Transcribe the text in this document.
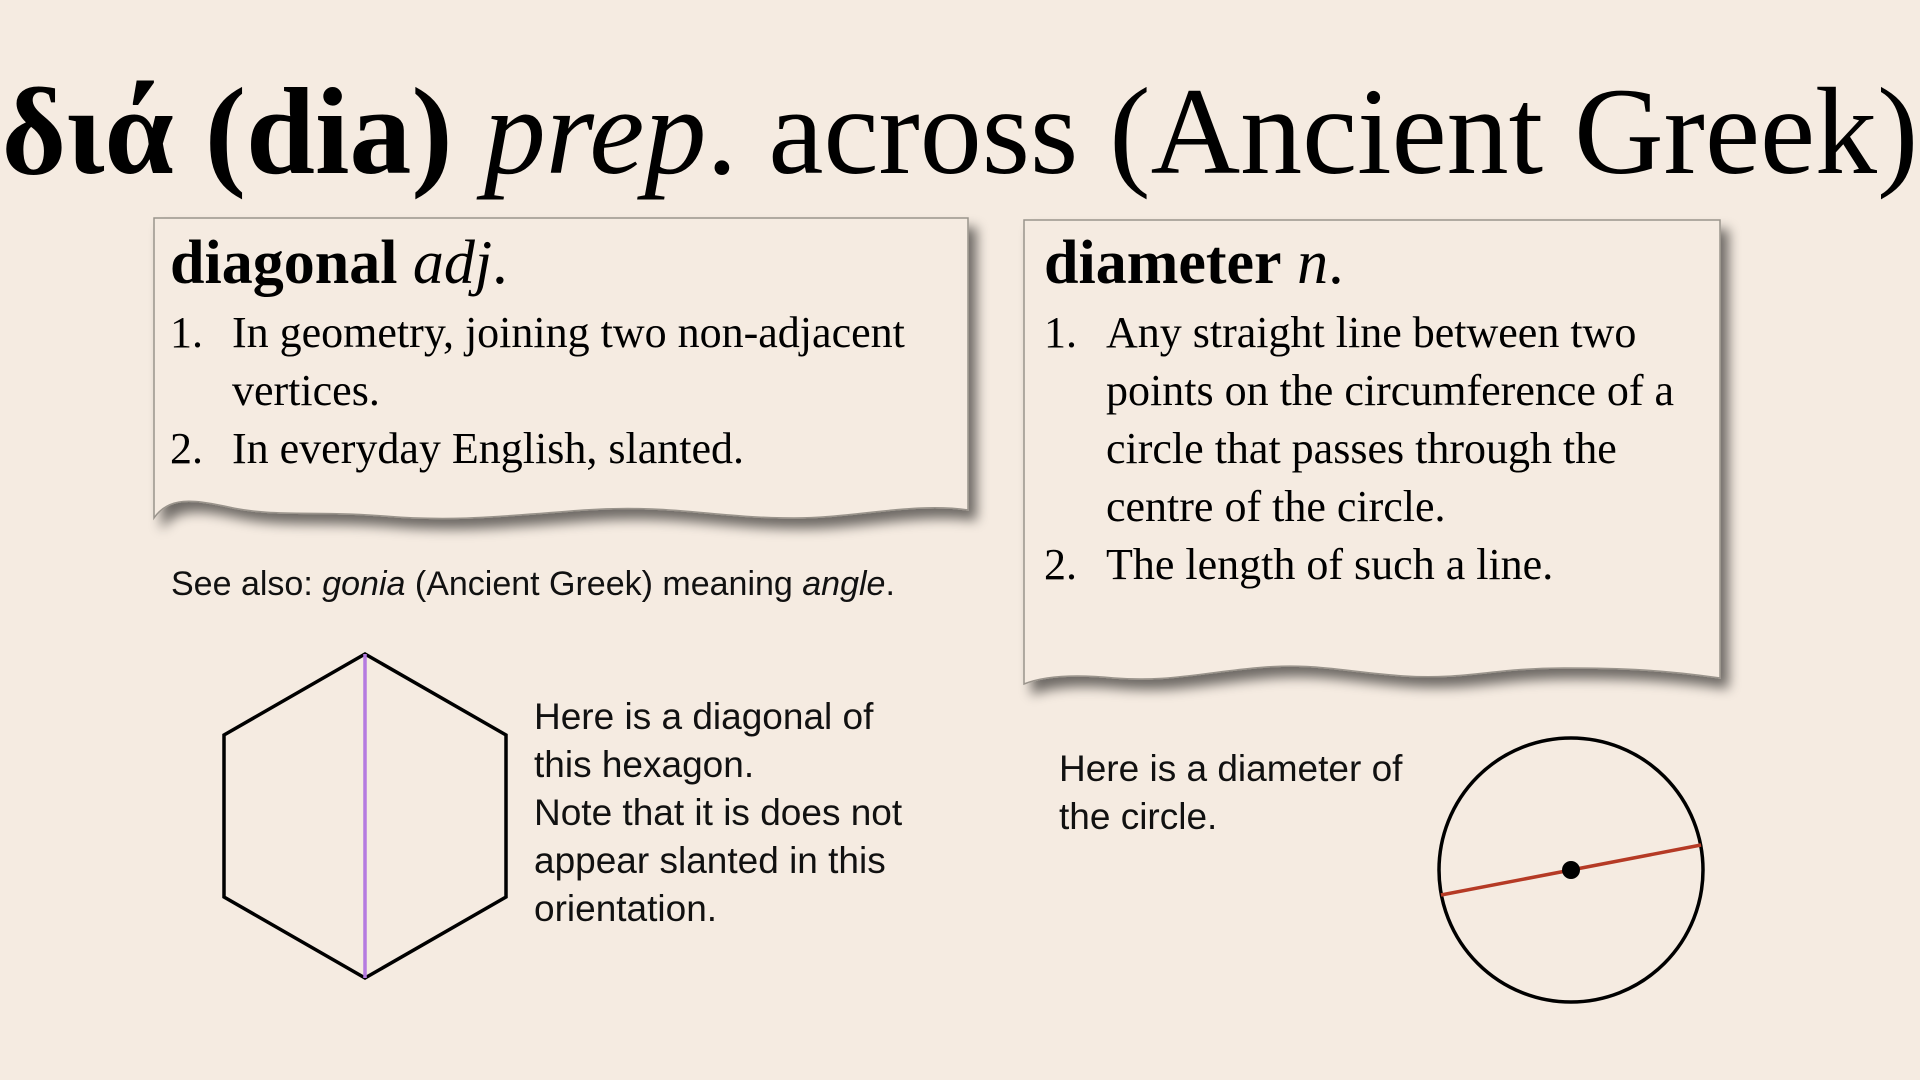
διά (dia) prep. across (Ancient Greek)
diagonal adj.
1. In geometry, joining two non-adjacent vertices.
2. In everyday English, slanted.
diameter n.
1. Any straight line between two points on the circumference of a circle that passes through the centre of the circle.
2. The length of such a line.
See also: gonia (Ancient Greek) meaning angle.
Here is a diagonal of
this hexagon.
Note that it is does not
appear slanted in this
orientation.
Here is a diameter of
the circle.
